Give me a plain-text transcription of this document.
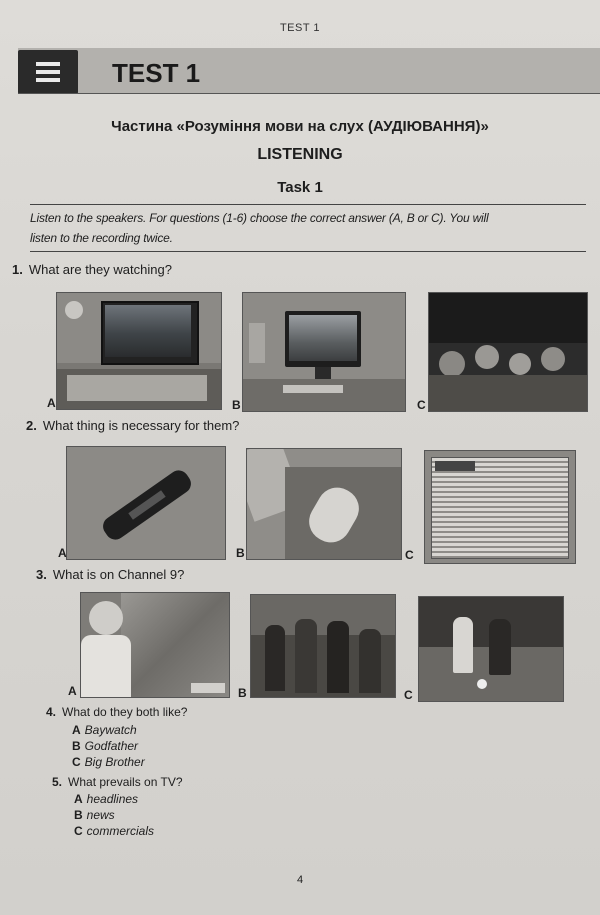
TEST 1
TEST 1
Частина «Розуміння мови на слух (АУДІЮВАННЯ)»
LISTENING
Task 1
Listen to the speakers. For questions (1-6) choose the correct answer (A, B or C). You will
listen to the recording twice.
1. What are they watching?
A	B	C
2. What thing is necessary for them?
A	B	C
3. What is on Channel 9?
A	B	C
4. What do they both like?
A Baywatch
B Godfather
C Big Brother
5. What prevails on TV?
A headlines
B news
C commercials
4
